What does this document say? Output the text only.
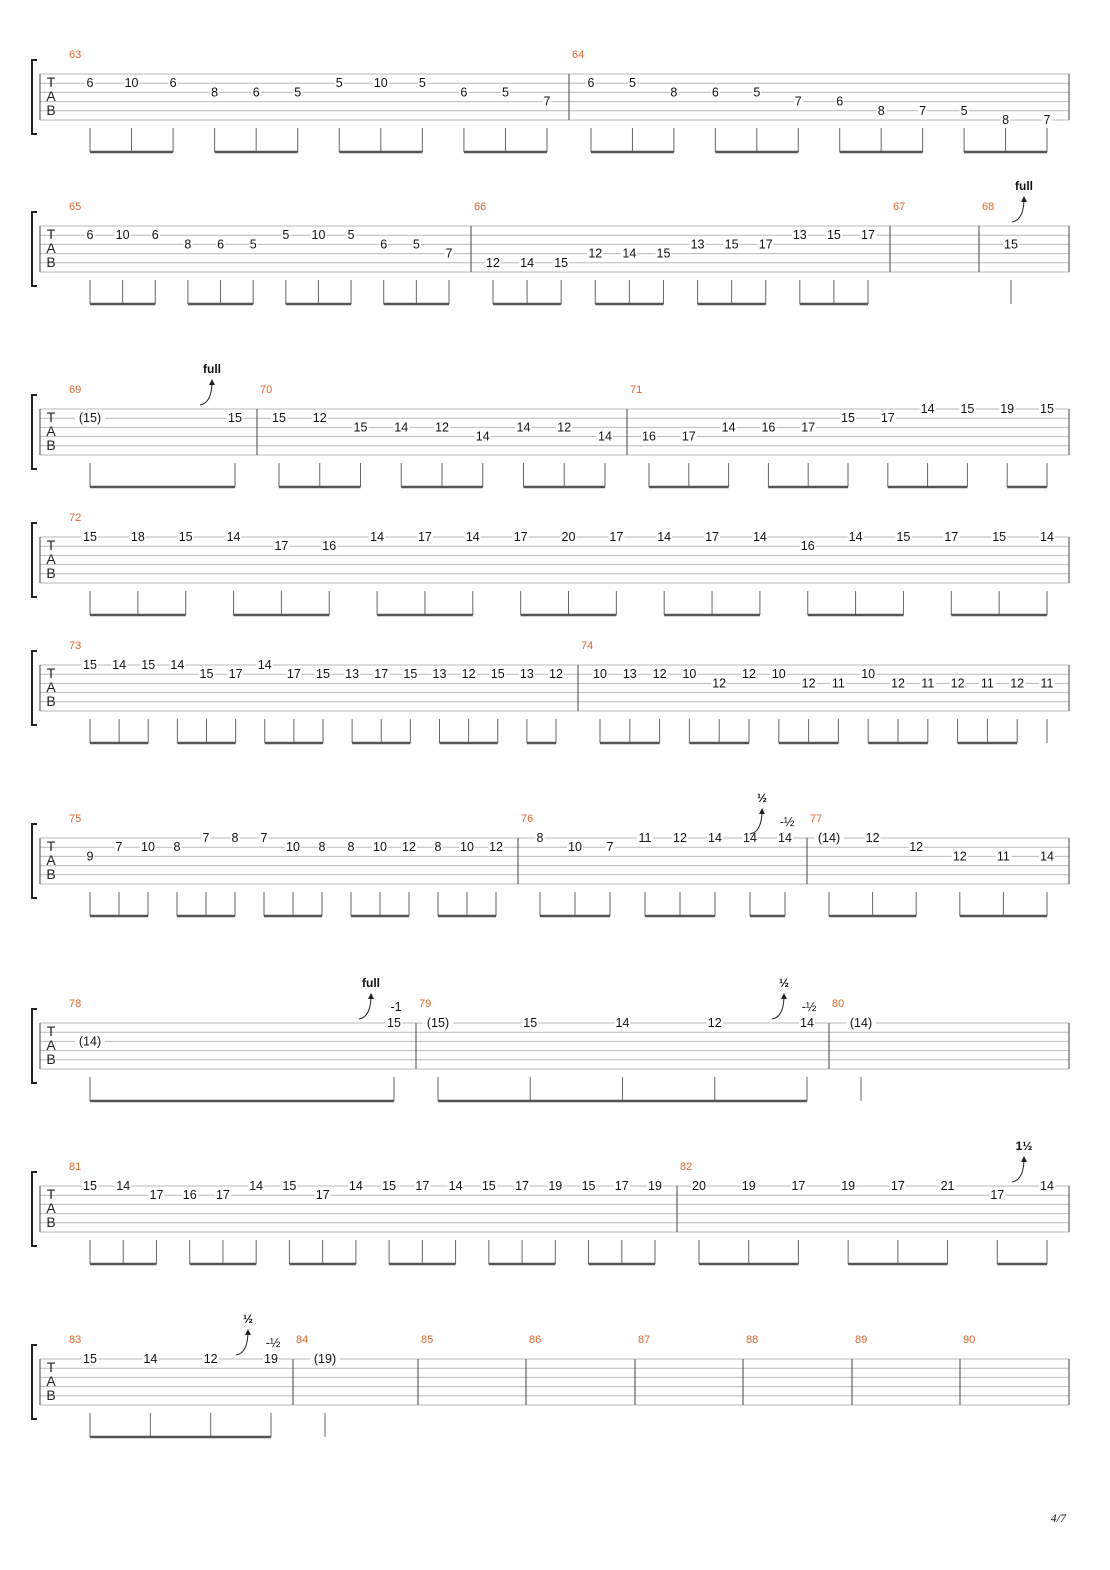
T
A
B
63
6 10 6
8	6	5
5 10 5
6	5
7
64
6	5
8	6	5
7	6
8	7	5
8	7
T
A
B
65
6 10 6
8 6 5
5 10 5
6 5
7
66
12 14 15
12 14 15
13 15 17
13 15 17
67	68
15
full
T
A
B
69
(15)	15
full
70
15 12
15 14 12
14
14 12
14
71
16 17
14 16 17
15 17
14 15 19 15
T
A
B
72
15	18	15	14
17	16
14	17	14	17	20	17	14	17	14
16
14	15	17	15	14
T
A
B
73
15 14 15 14
15 17
14
17 15 13 17 15 13 12 15 13 12
74
10 13 12 10
12
12 10
12 11
10
12 11 12 11 12 11
T
A
B
75
9
7 10 8
7 8 7
10 8 8 10 12 8 10 12
76
8
10 7
11 12 14 14 14
½
-½ 77
(14) 12
12
12 11 14
T
A
B
78
(14)
15
full
-1 79
(15)	15	14	12	14
½
-½ 80
(14)
T
A
B
81
15 14
17 16 17
14 15
17
14 15 17 14 15 17 19 15 17 19
82
20	19	17	19	17	21
17
14
1½
T
A
B
83
15	14	12	19
½
-½ 84
(19)
85	86	87	88	89	90
4/7
